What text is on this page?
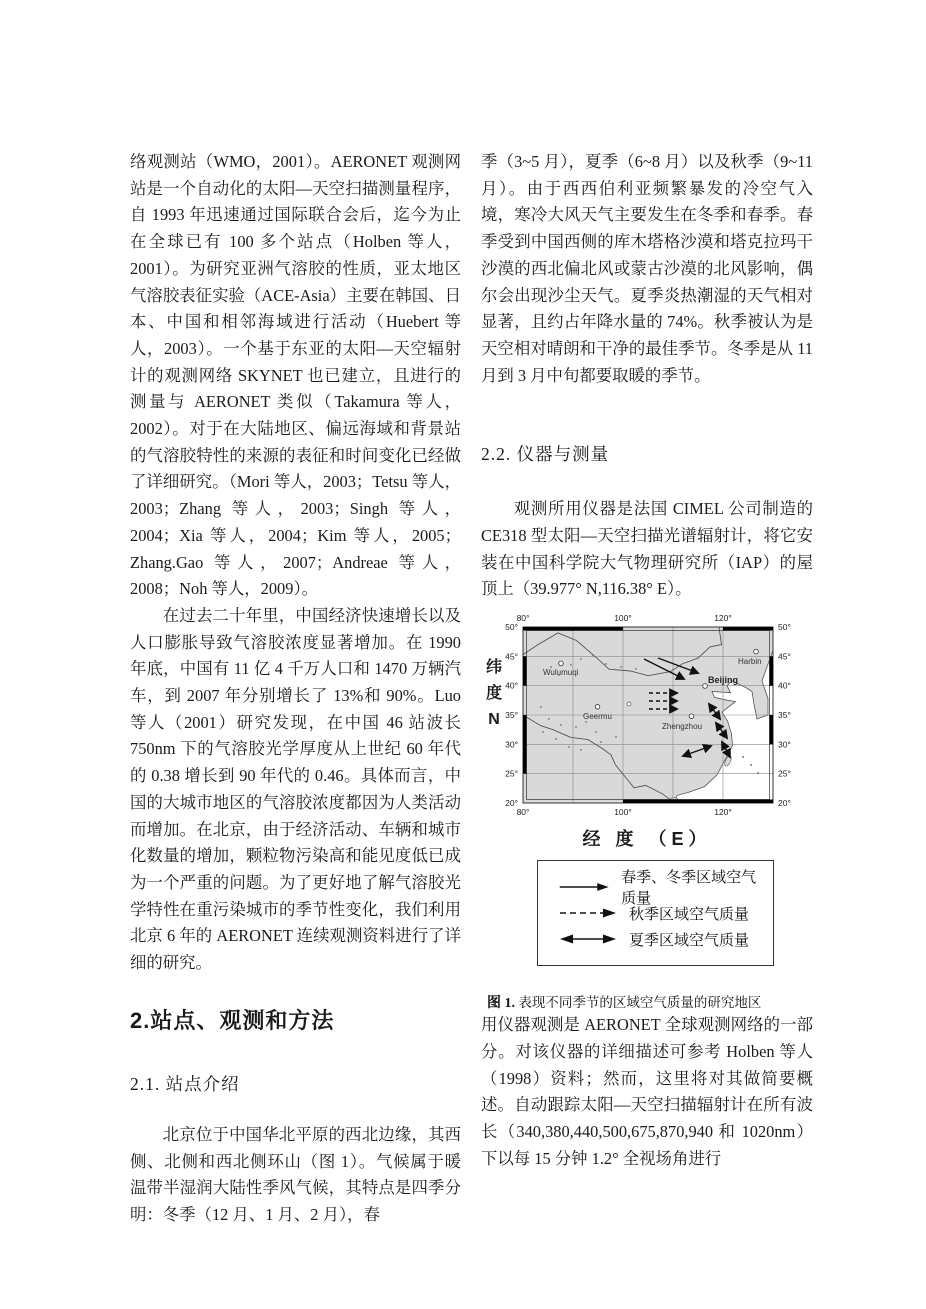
络观测站（WMO，2001）。AERONET 观测网站是一个自动化的太阳—天空扫描测量程序，自 1993 年迅速通过国际联合会后，迄今为止在全球已有 100 多个站点（Holben 等人，2001）。为研究亚洲气溶胶的性质，亚太地区气溶胶表征实验（ACE-Asia）主要在韩国、日本、中国和相邻海域进行活动（Huebert 等人，2003）。一个基于东亚的太阳—天空辐射计的观测网络 SKYNET 也已建立，且进行的测量与 AERONET 类似（Takamura 等人，2002）。对于在大陆地区、偏远海域和背景站的气溶胶特性的来源的表征和时间变化已经做了详细研究。（Mori 等人，2003；Tetsu 等人，2003；Zhang 等人，2003；Singh 等人，2004；Xia 等人，2004；Kim 等人，2005；Zhang.Gao 等人，2007；Andreae 等人，2008；Noh 等人，2009）。

在过去二十年里，中国经济快速增长以及人口膨胀导致气溶胶浓度显著增加。在 1990 年底，中国有 11 亿 4 千万人口和 1470 万辆汽车，到 2007 年分别增长了 13%和 90%。Luo 等人（2001）研究发现，在中国 46 站波长 750nm 下的气溶胶光学厚度从上世纪 60 年代的 0.38 增长到 90 年代的 0.46。具体而言，中国的大城市地区的气溶胶浓度都因为人类活动而增加。在北京，由于经济活动、车辆和城市化数量的增加，颗粒物污染高和能见度低已成为一个严重的问题。为了更好地了解气溶胶光学特性在重污染城市的季节性变化，我们利用北京 6 年的 AERONET 连续观测资料进行了详细的研究。

2.站点、观测和方法
2.1. 站点介绍

北京位于中国华北平原的西北边缘，其西侧、北侧和西北侧环山（图 1）。气候属于暖温带半湿润大陆性季风气候，其特点是四季分明：冬季（12 月、1 月、2 月），春

季（3~5 月），夏季（6~8 月）以及秋季（9~11 月）。由于西西伯利亚频繁暴发的冷空气入境，寒冷大风天气主要发生在冬季和春季。春季受到中国西侧的库木塔格沙漠和塔克拉玛干沙漠的西北偏北风或蒙古沙漠的北风影响，偶尔会出现沙尘天气。夏季炎热潮湿的天气相对显著，且约占年降水量的 74%。秋季被认为是天空相对晴朗和干净的最佳季节。冬季是从 11 月到 3 月中旬都要取暖的季节。

2.2. 仪器与测量

观测所用仪器是法国 CIMEL 公司制造的 CE318 型太阳—天空扫描光谱辐射计，将它安装在中国科学院大气物理研究所（IAP）的屋顶上（39.977° N,116.38° E）。

纬
度
N
80°	100°	120°
80°	100°	120°
50°
45°
40°
35°
30°
25°
20°
50°
45°
40°
35°
30°
25°
20°
Wulumuqi
Geermu
Harbin
Beijing
Zhengzhou
经 度 （E）
春季、冬季区域空气质量
秋季区域空气质量
夏季区域空气质量
图 1. 表现不同季节的区域空气质量的研究地区

用仪器观测是 AERONET 全球观测网络的一部分。对该仪器的详细描述可参考 Holben 等人（1998）资料；然而，这里将对其做简要概述。自动跟踪太阳—天空扫描辐射计在所有波长（340,380,440,500,675,870,940 和 1020nm）下以每 15 分钟 1.2° 全视场角进行
